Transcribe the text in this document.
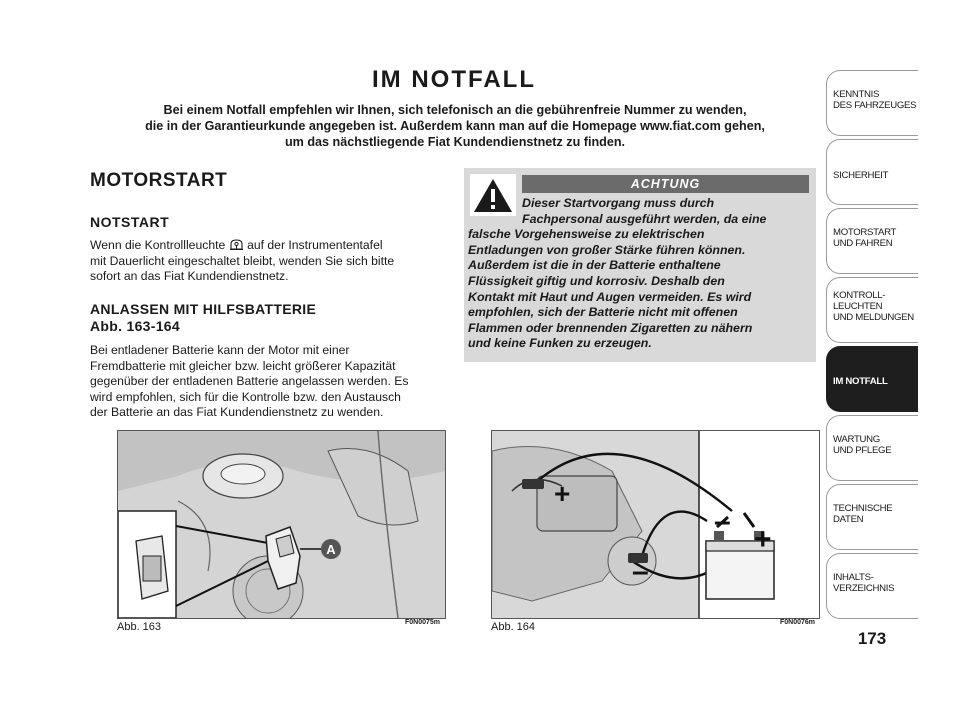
IM NOTFALL
Bei einem Notfall empfehlen wir Ihnen, sich telefonisch an die gebührenfreie Nummer zu wenden,
die in der Garantieurkunde angegeben ist. Außerdem kann man auf die Homepage www.fiat.com gehen,
um das nächstliegende Fiat Kundendienstnetz zu finden.
MOTORSTART
NOTSTART
Wenn die Kontrollleuchte auf der Instrumententafel
mit Dauerlicht eingeschaltet bleibt, wenden Sie sich bitte
sofort an das Fiat Kundendienstnetz.
ANLASSEN MIT HILFSBATTERIE
Abb. 163-164
Bei entladener Batterie kann der Motor mit einer
Fremdbatterie mit gleicher bzw. leicht größerer Kapazität
gegenüber der entladenen Batterie angelassen werden. Es
wird empfohlen, sich für die Kontrolle bzw. den Austausch
der Batterie an das Fiat Kundendienstnetz zu wenden.
ACHTUNG
Dieser Startvorgang muss durch
Fachpersonal ausgeführt werden, da eine
falsche Vorgehensweise zu elektrischen
Entladungen von großer Stärke führen können.
Außerdem ist die in der Batterie enthaltene
Flüssigkeit giftig und korrosiv. Deshalb den
Kontakt mit Haut und Augen vermeiden. Es wird
empfohlen, sich der Batterie nicht mit offenen
Flammen oder brennenden Zigaretten zu nähern
und keine Funken zu erzeugen.
A
Abb. 163	F0N0075m
+
+
–
–
Abb. 164	F0N0076m
KENNTNIS
DES FAHRZEUGES
SICHERHEIT
MOTORSTART
UND FAHREN
KONTROLL-
LEUCHTEN
UND MELDUNGEN
IM NOTFALL
WARTUNG
UND PFLEGE
TECHNISCHE
DATEN
INHALTS-
VERZEICHNIS
173
